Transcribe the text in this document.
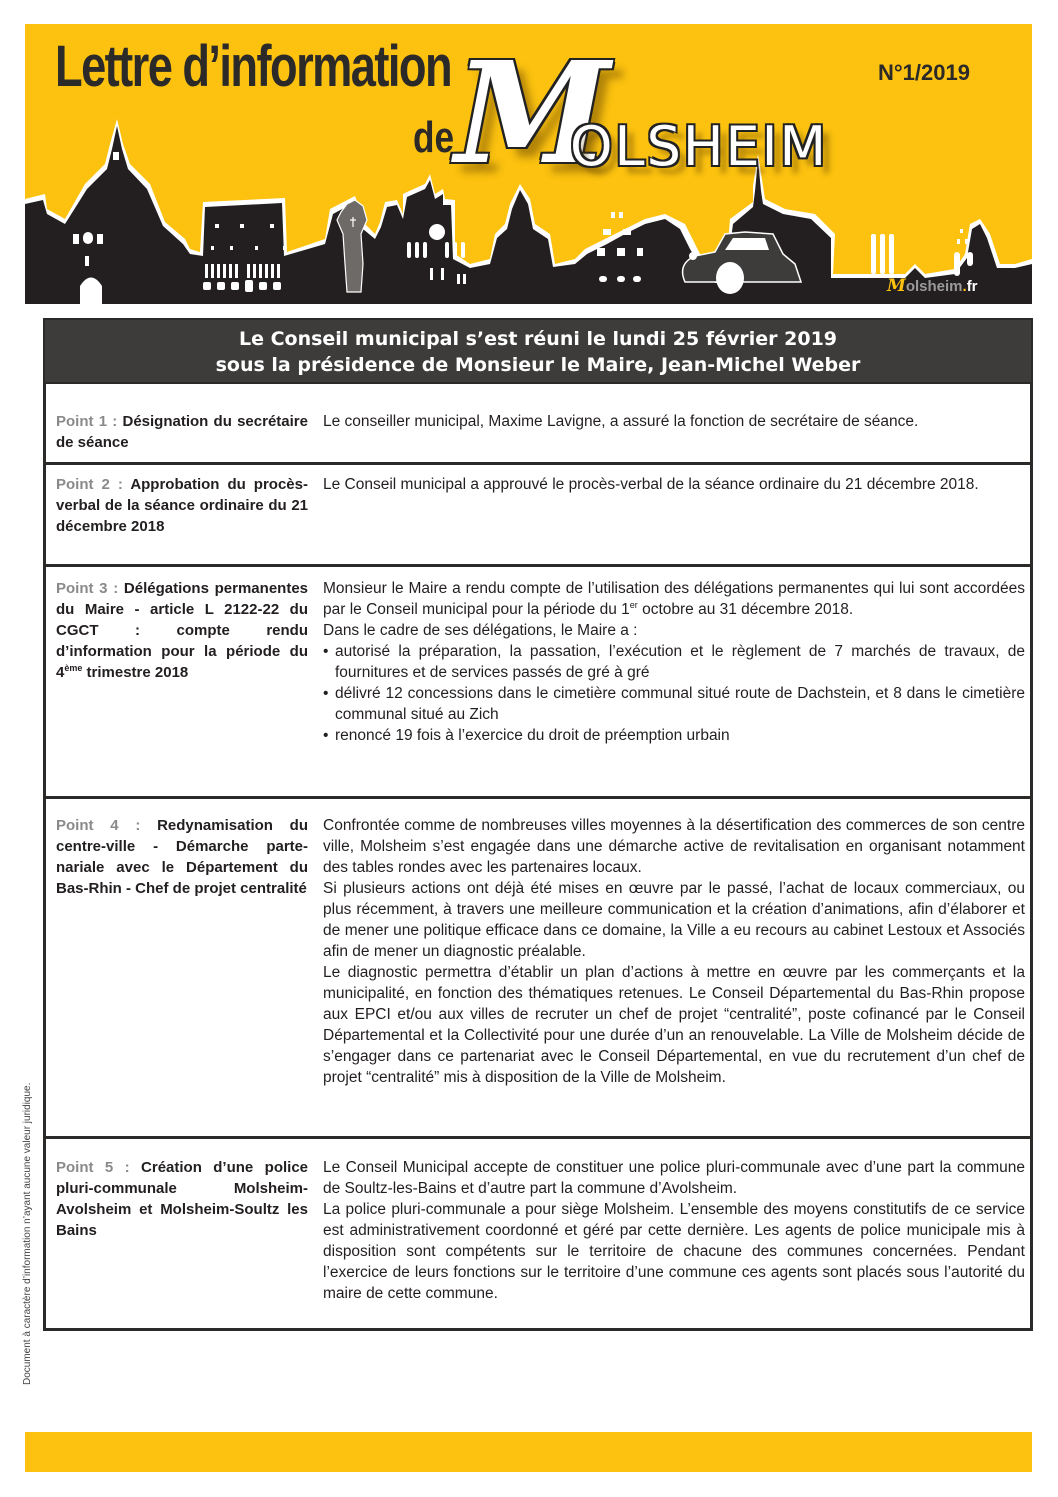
Lettre d’information
de M
OLSHEIM
N°1/2019
Molsheim.fr
Le Conseil municipal s’est réuni le lundi 25 février 2019
sous la présidence de Monsieur le Maire, Jean-Michel Weber
Point 1 : Désignation du secrétaire de séance

Le conseiller municipal, Maxime Lavigne, a assuré la fonction de secrétaire de séance.

Point 2 : Approbation du procès-verbal de la séance ordinaire du 21 décembre 2018

Le Conseil municipal a approuvé le procès-verbal de la séance ordinaire du 21 décembre 2018.

Point 3 : Délégations permanentes du Maire - article L 2122-22 du CGCT : compte rendu d’information pour la période du 4ème trimestre 2018

Monsieur le Maire a rendu compte de l’utilisation des délégations permanentes qui lui sont accordées par le Conseil municipal pour la période du 1er octobre au 31 décembre 2018.

Dans le cadre de ses délégations, le Maire a :

• autorisé la préparation, la passation, l’exécution et le règlement de 7 marchés de travaux, de fournitures et de services passés de gré à gré
• délivré 12 concessions dans le cimetière communal situé route de Dachstein, et 8 dans le cimetière communal situé au Zich
• renoncé 19 fois à l’exercice du droit de préemption urbain
Point 4 : Redynamisation du centre-ville - Démarche partenariale avec le Département du Bas-Rhin - Chef de projet centralité

Confrontée comme de nombreuses villes moyennes à la désertification des commerces de son centre ville, Molsheim s’est engagée dans une démarche active de revitalisation en organisant notamment des tables rondes avec les partenaires locaux.

Si plusieurs actions ont déjà été mises en œuvre par le passé, l’achat de locaux commerciaux, ou plus récemment, à travers une meilleure communication et la création d’animations, afin d’élaborer et de mener une politique efficace dans ce domaine, la Ville a eu recours au cabinet Lestoux et Associés afin de mener un diagnostic préalable.

Le diagnostic permettra d’établir un plan d’actions à mettre en œuvre par les commerçants et la municipalité, en fonction des thématiques retenues. Le Conseil Départemental du Bas-Rhin propose aux EPCI et/ou aux villes de recruter un chef de projet “centralité”, poste cofinancé par le Conseil Départemental et la Collectivité pour une durée d’un an renouvelable. La Ville de Molsheim décide de s’engager dans ce partenariat avec le Conseil Départemental, en vue du recrutement d’un chef de projet “centralité” mis à disposition de la Ville de Molsheim.

Point 5 : Création d’une police pluri-communale Molsheim-Avolsheim et Molsheim-Soultz les Bains

Le Conseil Municipal accepte de constituer une police pluri-communale avec d’une part la commune de Soultz-les-Bains et d’autre part la commune d’Avolsheim.

La police pluri-communale a pour siège Molsheim. L’ensemble des moyens constitutifs de ce service est administrativement coordonné et géré par cette dernière. Les agents de police municipale mis à disposition sont compétents sur le territoire de chacune des communes concernées. Pendant l’exercice de leurs fonctions sur le territoire d’une commune ces agents sont placés sous l’autorité du maire de cette commune.

Document à caractère d’information n’ayant aucune valeur juridique.
